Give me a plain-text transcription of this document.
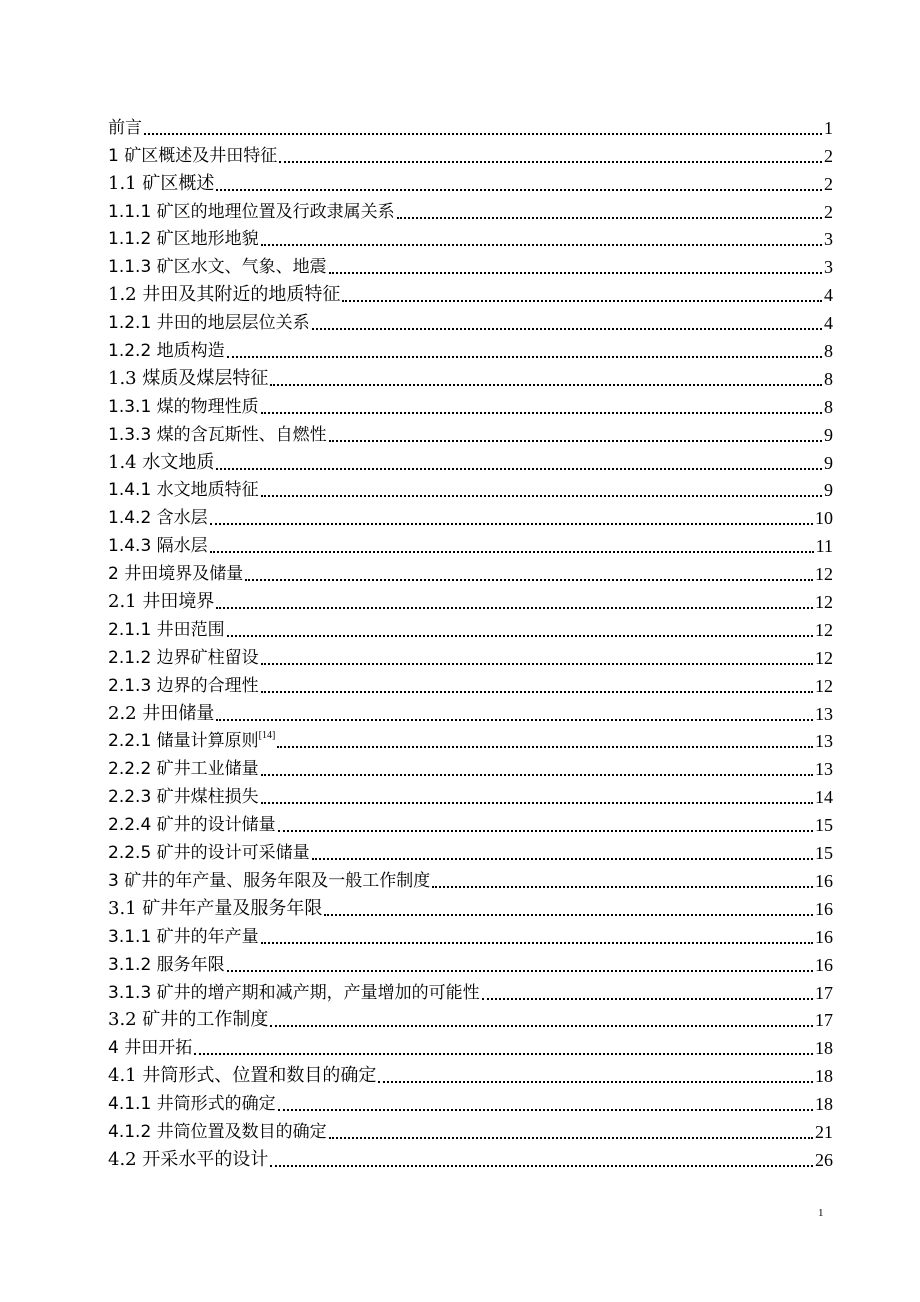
前言	1
1 矿区概述及井田特征	2
1.1 矿区概述	2
1.1.1 矿区的地理位置及行政隶属关系	2
1.1.2 矿区地形地貌	3
1.1.3 矿区水文、气象、地震	3
1.2 井田及其附近的地质特征	4
1.2.1 井田的地层层位关系	4
1.2.2 地质构造	8
1.3 煤质及煤层特征	8
1.3.1 煤的物理性质	8
1.3.3 煤的含瓦斯性、自燃性	9
1.4 水文地质	9
1.4.1 水文地质特征	9
1.4.2 含水层	10
1.4.3 隔水层	11
2 井田境界及储量	12
2.1 井田境界	12
2.1.1 井田范围	12
2.1.2 边界矿柱留设	12
2.1.3 边界的合理性	12
2.2 井田储量	13
2.2.1 储量计算原则[14]	13
2.2.2 矿井工业储量	13
2.2.3 矿井煤柱损失	14
2.2.4 矿井的设计储量	15
2.2.5 矿井的设计可采储量	15
3 矿井的年产量、服务年限及一般工作制度	16
3.1 矿井年产量及服务年限	16
3.1.1 矿井的年产量	16
3.1.2 服务年限	16
3.1.3 矿井的增产期和减产期，产量增加的可能性	17
3.2 矿井的工作制度	17
4 井田开拓	18
4.1 井筒形式、位置和数目的确定	18
4.1.1 井筒形式的确定	18
4.1.2 井筒位置及数目的确定	21
4.2 开采水平的设计	26
1
